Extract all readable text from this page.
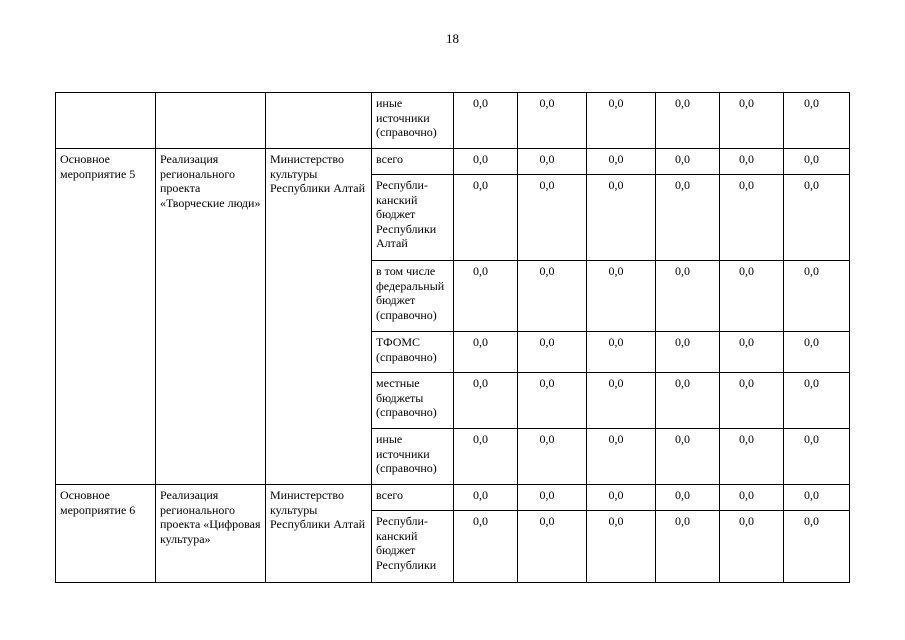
18
			иные источники (справочно)	0,0	0,0	0,0	0,0	0,0	0,0
Основное мероприятие 5	Реализация регионального проекта «Творческие люди»	Министерство культуры Республики Алтай	всего	0,0	0,0	0,0	0,0	0,0	0,0
			Республи- канский бюджет Республики Алтай	0,0	0,0	0,0	0,0	0,0	0,0
			в том числе федеральный бюджет (справочно)	0,0	0,0	0,0	0,0	0,0	0,0
			ТФОМС (справочно)	0,0	0,0	0,0	0,0	0,0	0,0
			местные бюджеты (справочно)	0,0	0,0	0,0	0,0	0,0	0,0
			иные источники (справочно)	0,0	0,0	0,0	0,0	0,0	0,0
Основное мероприятие 6	Реализация регионального проекта «Цифровая культура»	Министерство культуры Республики Алтай	всего	0,0	0,0	0,0	0,0	0,0	0,0
			Республи- канский бюджет Республики	0,0	0,0	0,0	0,0	0,0	0,0
